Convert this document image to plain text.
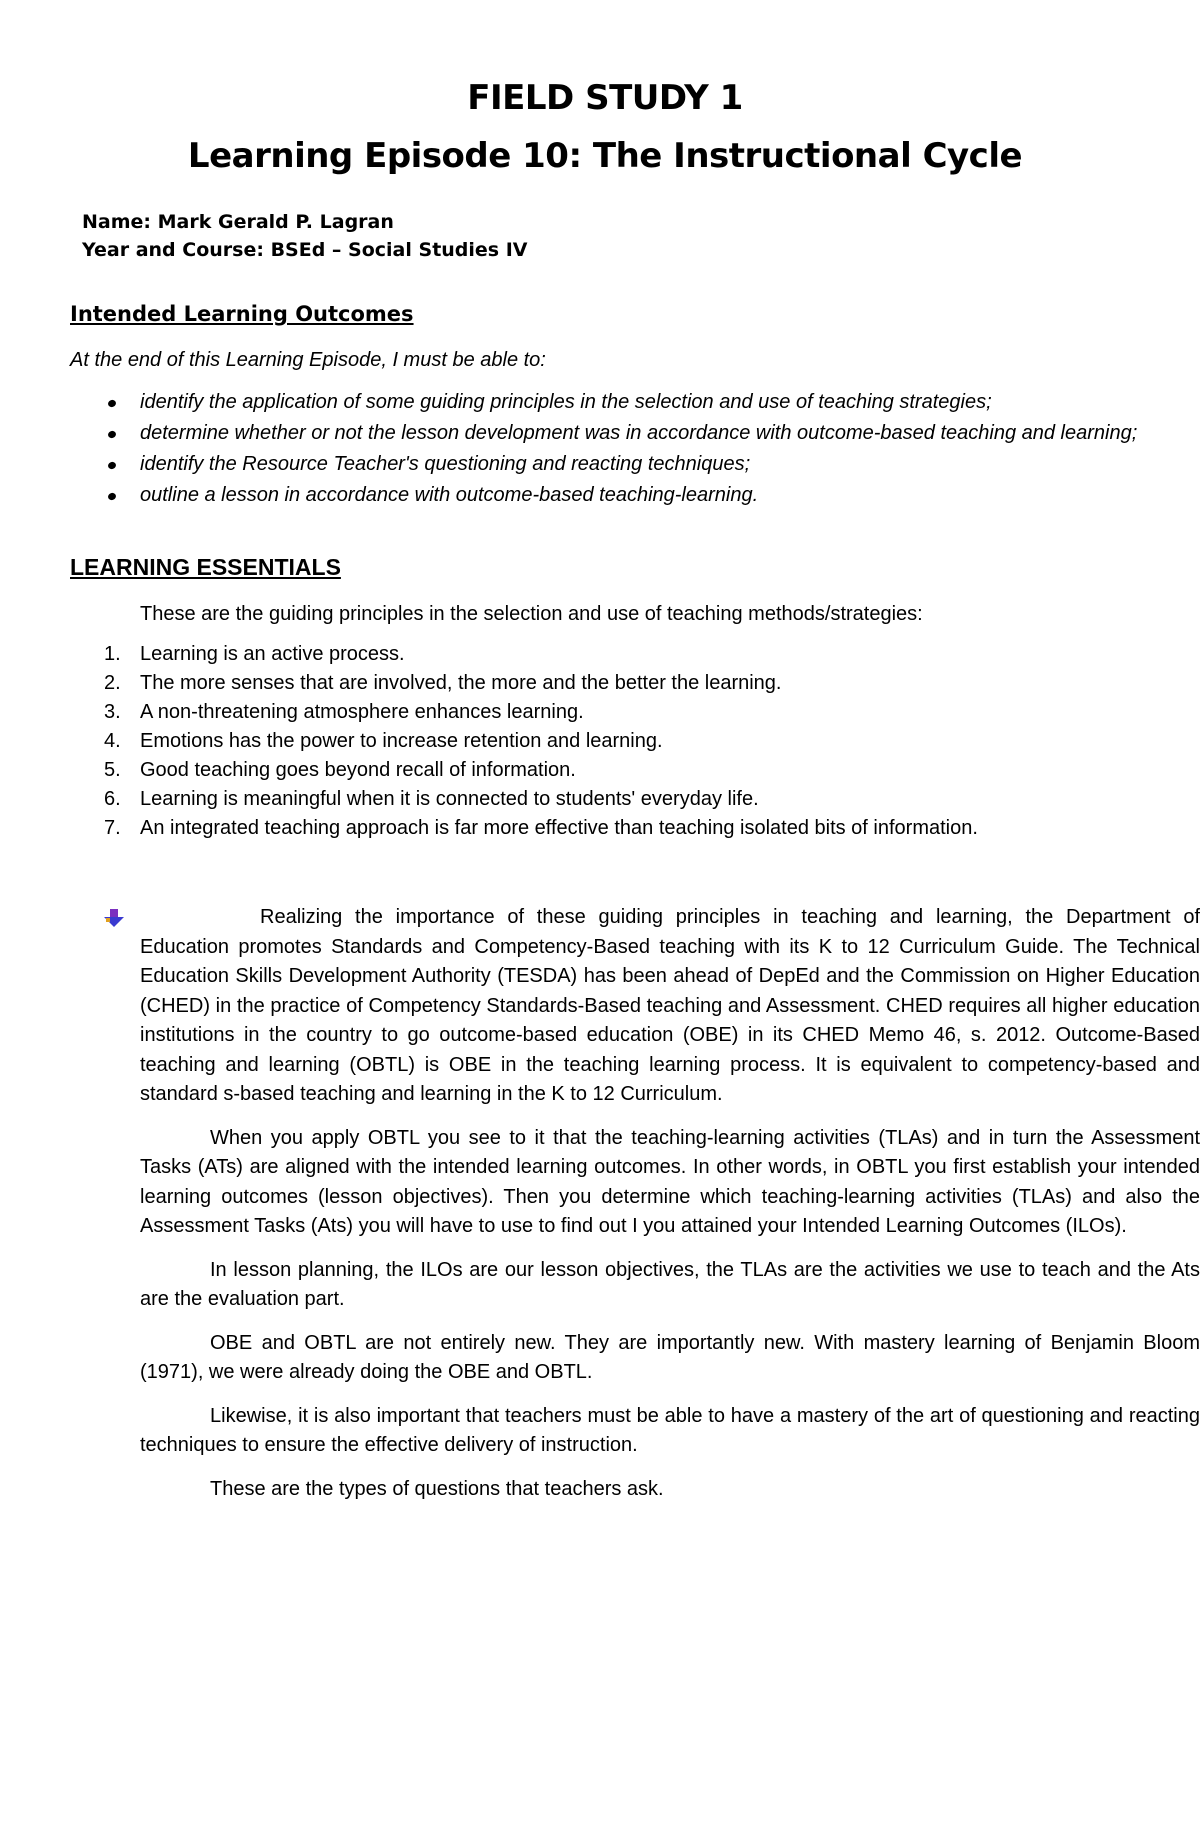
FIELD STUDY 1
Learning Episode 10: The Instructional Cycle
Name: Mark Gerald P. Lagran
Year and Course: BSEd – Social Studies IV
Intended Learning Outcomes
At the end of this Learning Episode, I must be able to:
identify the application of some guiding principles in the selection and use of teaching strategies;
determine whether or not the lesson development was in accordance with outcome-based teaching and learning;
identify the Resource Teacher's questioning and reacting techniques;
outline a lesson in accordance with outcome-based teaching-learning.
LEARNING ESSENTIALS
These are the guiding principles in the selection and use of teaching methods/strategies:
1. Learning is an active process.
2. The more senses that are involved, the more and the better the learning.
3. A non-threatening atmosphere enhances learning.
4. Emotions has the power to increase retention and learning.
5. Good teaching goes beyond recall of information.
6. Learning is meaningful when it is connected to students' everyday life.
7. An integrated teaching approach is far more effective than teaching isolated bits of information.
Realizing the importance of these guiding principles in teaching and learning, the Department of Education promotes Standards and Competency-Based teaching with its K to 12 Curriculum Guide. The Technical Education Skills Development Authority (TESDA) has been ahead of DepEd and the Commission on Higher Education (CHED) in the practice of Competency Standards-Based teaching and Assessment. CHED requires all higher education institutions in the country to go outcome-based education (OBE) in its CHED Memo 46, s. 2012. Outcome-Based teaching and learning (OBTL) is OBE in the teaching learning process. It is equivalent to competency-based and standard s-based teaching and learning in the K to 12 Curriculum.
When you apply OBTL you see to it that the teaching-learning activities (TLAs) and in turn the Assessment Tasks (ATs) are aligned with the intended learning outcomes. In other words, in OBTL you first establish your intended learning outcomes (lesson objectives). Then you determine which teaching-learning activities (TLAs) and also the Assessment Tasks (Ats) you will have to use to find out I you attained your Intended Learning Outcomes (ILOs).
In lesson planning, the ILOs are our lesson objectives, the TLAs are the activities we use to teach and the Ats are the evaluation part.
OBE and OBTL are not entirely new. They are importantly new. With mastery learning of Benjamin Bloom (1971), we were already doing the OBE and OBTL.
Likewise, it is also important that teachers must be able to have a mastery of the art of questioning and reacting techniques to ensure the effective delivery of instruction.
These are the types of questions that teachers ask.
